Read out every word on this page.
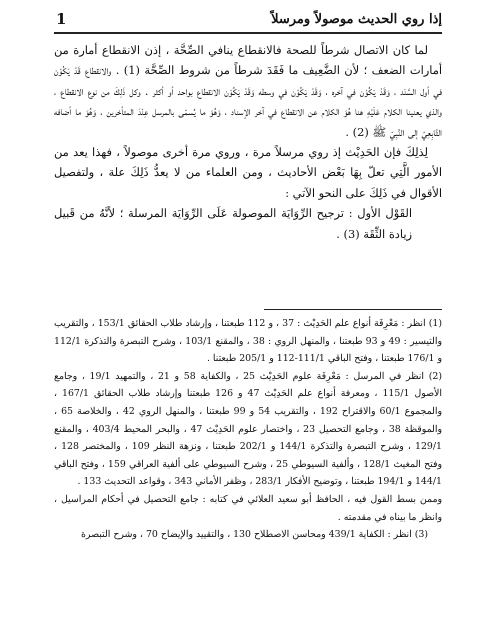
1	إذا روي الحديث موصولاً ومرسلاً

لما كان الاتصال شرطاً للصحة فالانقطاع ينافي الصِّحَّة ، إذن الانقطاع أمارة من أمارات الضعف ؛ لأن الضَّعِيف ما فَقَدَ شرطاً من شروط الصِّحَّة (1) . والانقطاع قَدْ يَكُوْن في أول السَّنَد ، وَقَدْ يَكُوْن في آخره ، وَقَدْ يَكُوْن في وسطه وَقَدْ يَكُوْن الانقطاع بواحد أو أكثر . وكل ذَلِكَ من نوع الانقطاع ، والذي يعنينا الكلام عَلَيْهِ هنا هُوَ الكلام عن الانقطاع في آخر الإسناد ، وَهُوَ ما يُسمّى بالمرسل عِنْدَ المتأخرين ، وَهُوَ ما أضافه التَّابِعِيّ إلى النَّبِيّ ﷺ (2) .

لِذلِكَ فإن الحَدِيْث إذ روي مرسلاً مرة ، وروي مرة أخرى موصولاً ، فهذا يعد من الأمور الَّتِي تعلّ بِهَا بَعْض الأحاديث ، ومن العلماء من لا يعدُّ ذَلِكَ علة ، ولتفصيل الأقوال في ذَلِكَ على النحو الآتي :

القَوْل الأول : ترجيح الرِّوَايَة الموصولة عَلَى الرِّوَايَة المرسلة ؛ لأنَّهُ من قَبيل زيادة الثِّقَة (3) .

(1) انظر : مَعْرِفَة أنواع علم الحَدِيْث : 37 ، و 112 طبعتنا ، وإرشاد طلاب الحقائق 153/1 ، والتقريب والتيسير : 49 و 93 طبعتنا ، والمنهل الروي : 38 ، والمقنع 103/1 ، وشرح التبصرة والتذكرة 112/1 و 176/1 طبعتنا ، وفتح الباقي 111/1-112 و 205/1 طبعتنا .

(2) انظر في المرسل : مَعْرِفَة علوم الحَدِيْث 25 ، والكفاية 58 و 21 ، والتمهيد 19/1 ، وجامع الأصول 115/1 ، ومعرفة أنواع علم الحَدِيْث 47 و 126 طبعتنا وإرشاد طلاب الحقائق 167/1 ، والمجموع 60/1 والاقتراح 192 ، والتقريب 54 و 99 طبعتنا ، والمنهل الروي 42 ، والخلاصة 65 ، والموقظة 38 ، وجامع التحصيل 23 ، واختصار علوم الحَدِيْث 47 ، والبحر المحيط 403/4 ، والمقنع 129/1 ، وشرح التبصرة والتذكرة 144/1 و 202/1 طبعتنا ، ونزهة النظر 109 ، والمختصر 128 ، وفتح المغيث 128/1 ، وألفية السيوطي 25 ، وشرح السيوطي على ألفية العراقي 159 ، وفتح الباقي 144/1 و 194/1 طبعتنا ، وتوضيح الأفكار 283/1 ، وظفر الأماني 343 ، وقواعد التحديث 133 .

وممن بسط القول فيه ، الحافظ أبو سعيد العلائي في كتابه : جامع التحصيل في أحكام المراسيل ، وانظر ما بيناه في مقدمته .

(3) انظر : الكفاية 439/1 ومحاسن الاصطلاح 130 ، والتقييد والإيضاح 70 ، وشرح التبصرة
